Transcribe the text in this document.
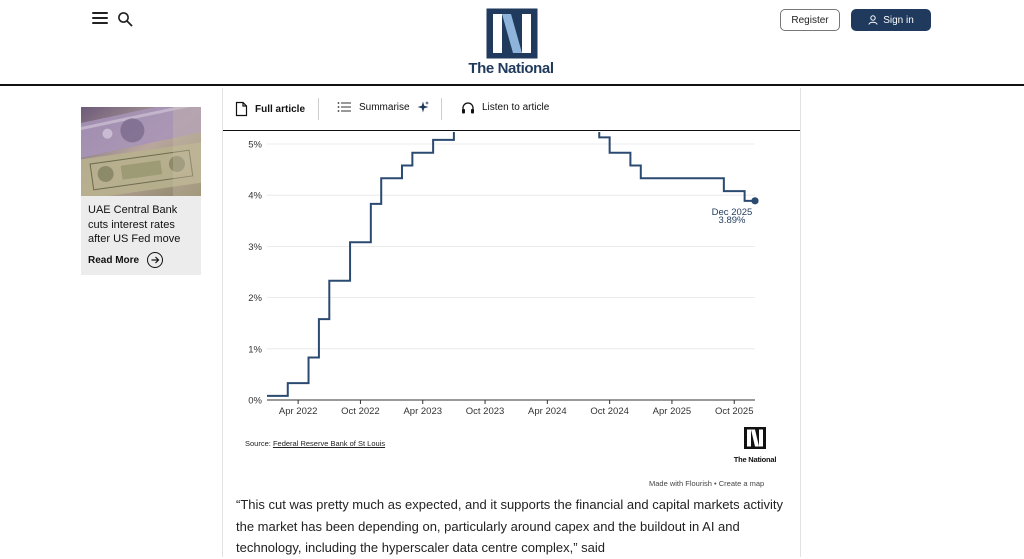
The National
Register	Sign in
UAE Central Bank cuts interest rates after US Fed move
Read More
Full article	Summarise	Listen to article
0%
1%
2%
3%
4%
5%
Apr 2022 Oct 2022 Apr 2023 Oct 2023 Apr 2024 Oct 2024 Apr 2025 Oct 2025
Dec 2025
3.89%
Source: Federal Reserve Bank of St Louis
The National
Made with Flourish • Create a map
“This cut was pretty much as expected, and it supports the financial and capital markets activity the market has been depending on, particularly around capex and the buildout in AI and technology, including the hyperscaler data centre complex,” said
